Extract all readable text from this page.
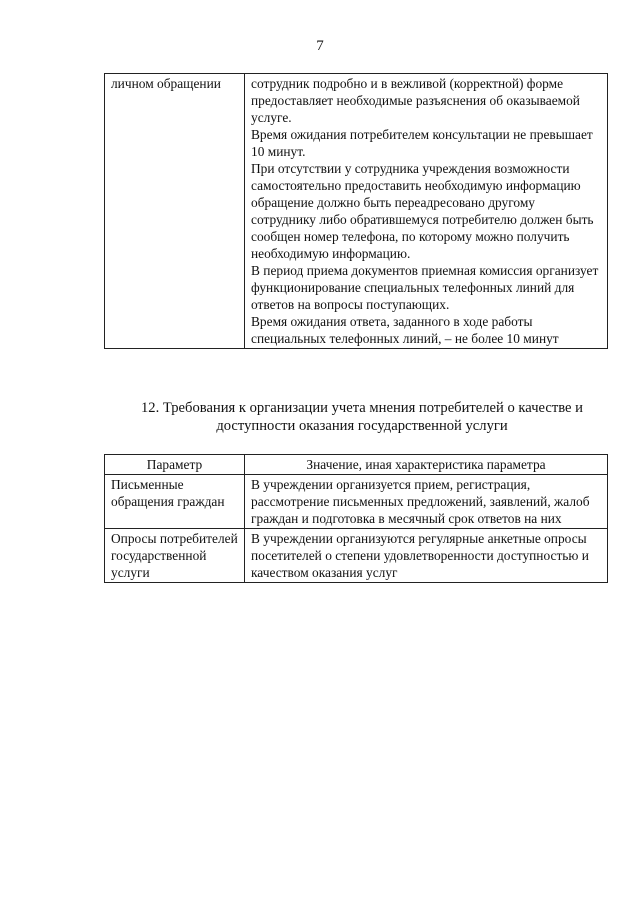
7
личном обращении	сотрудник подробно и в вежливой (корректной) форме предоставляет необходимые разъяснения об оказываемой услуге.
Время ожидания потребителем консультации не превышает 10 минут.
При отсутствии у сотрудника учреждения возможности самостоятельно предоставить необходимую информацию обращение должно быть переадресовано другому сотруднику либо обратившемуся потребителю должен быть сообщен номер телефона, по которому можно получить необходимую информацию.
В период приема документов приемная комиссия организует функционирование специальных телефонных линий для ответов на вопросы поступающих.
Время ожидания ответа, заданного в ходе работы специальных телефонных линий, – не более 10 минут
12. Требования к организации учета мнения потребителей о качестве и доступности оказания государственной услуги
Параметр	Значение, иная характеристика параметра
Письменные обращения граждан	В учреждении организуется прием, регистрация, рассмотрение письменных предложений, заявлений, жалоб граждан и подготовка в месячный срок ответов на них
Опросы потребителей государственной услуги	В учреждении организуются регулярные анкетные опросы посетителей о степени удовлетворенности доступностью и качеством оказания услуг
